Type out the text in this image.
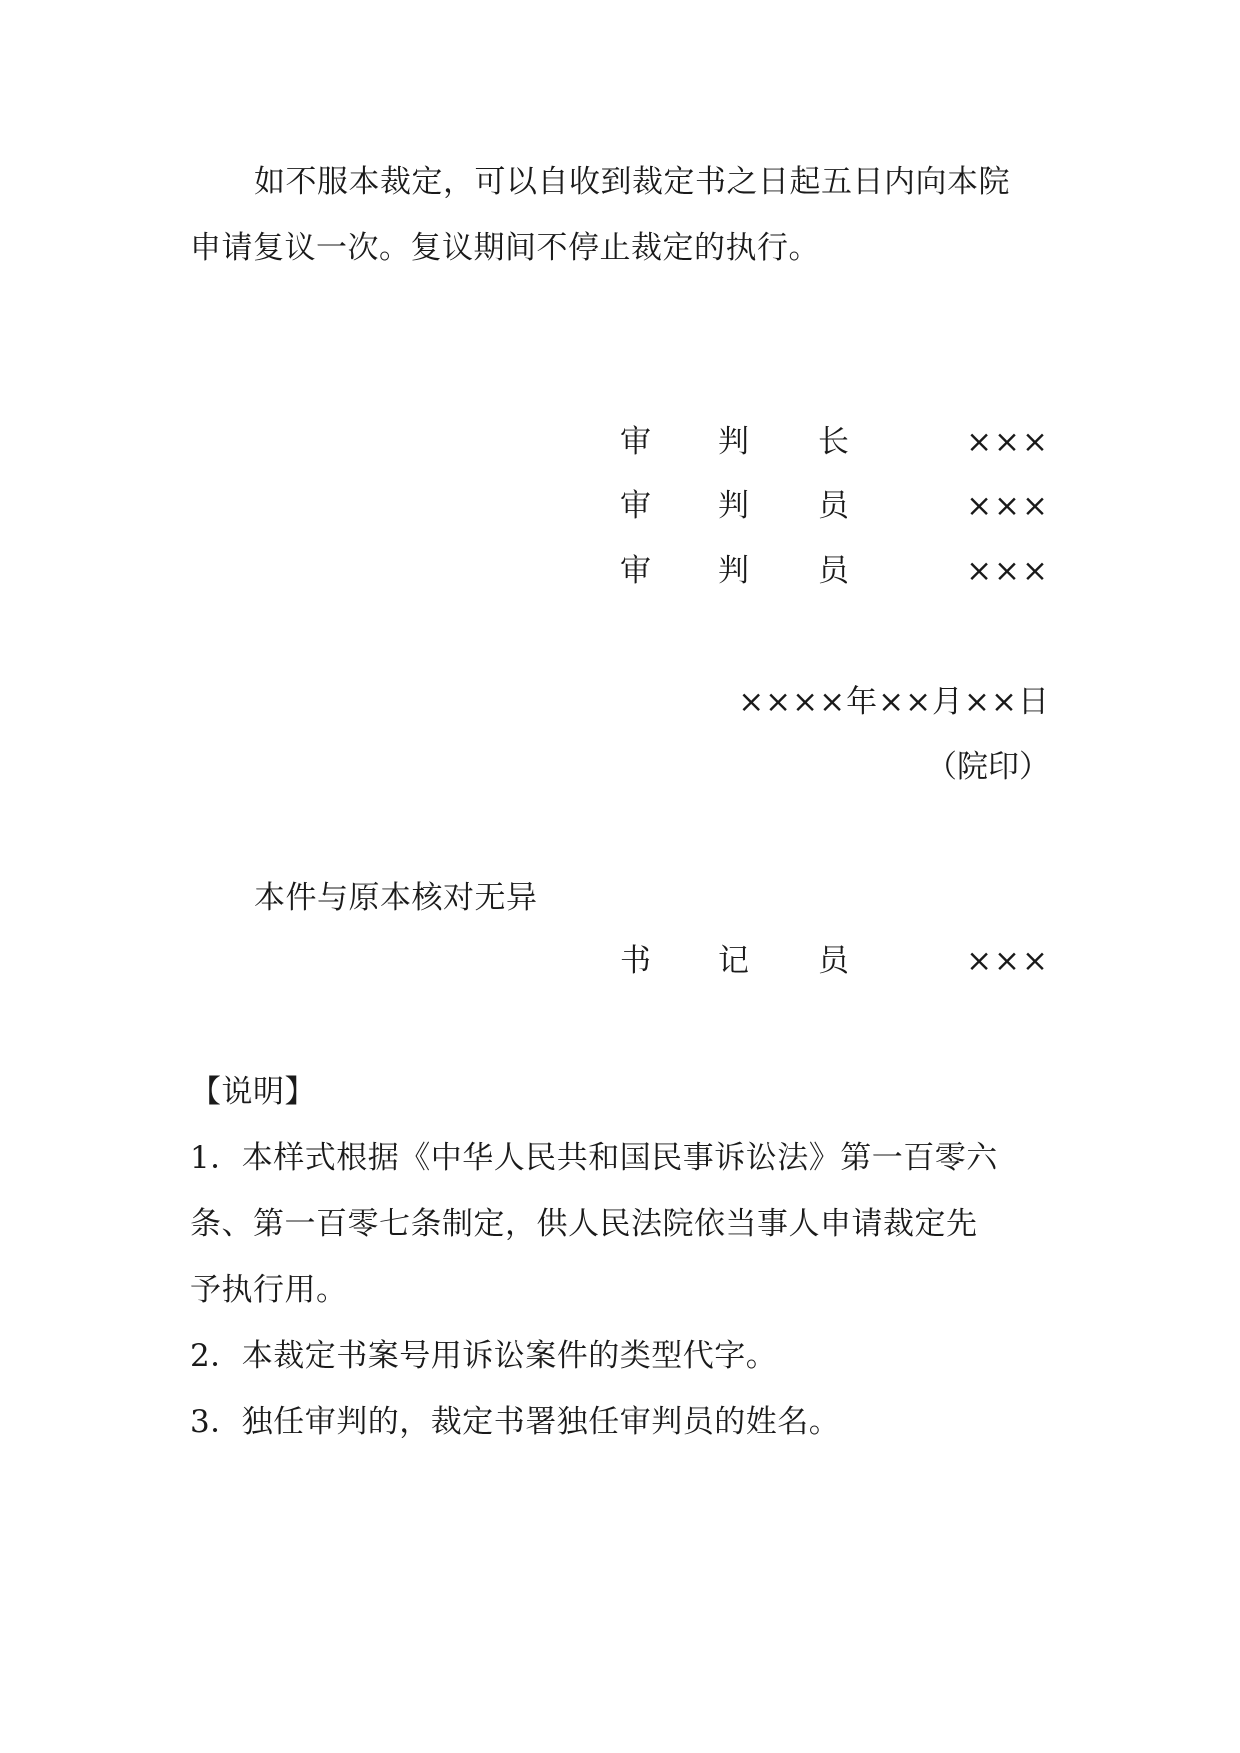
如不服本裁定，可以自收到裁定书之日起五日内向本院
申请复议一次。复议期间不停止裁定的执行。
审 判 长	×××
审 判 员	×××
审 判 员	×××
××××年××月××日
（院印）
本件与原本核对无异
书 记 员	×××
【说明】
1．本样式根据《中华人民共和国民事诉讼法》第一百零六
条、第一百零七条制定，供人民法院依当事人申请裁定先
予执行用。
2．本裁定书案号用诉讼案件的类型代字。
3．独任审判的，裁定书署独任审判员的姓名。
